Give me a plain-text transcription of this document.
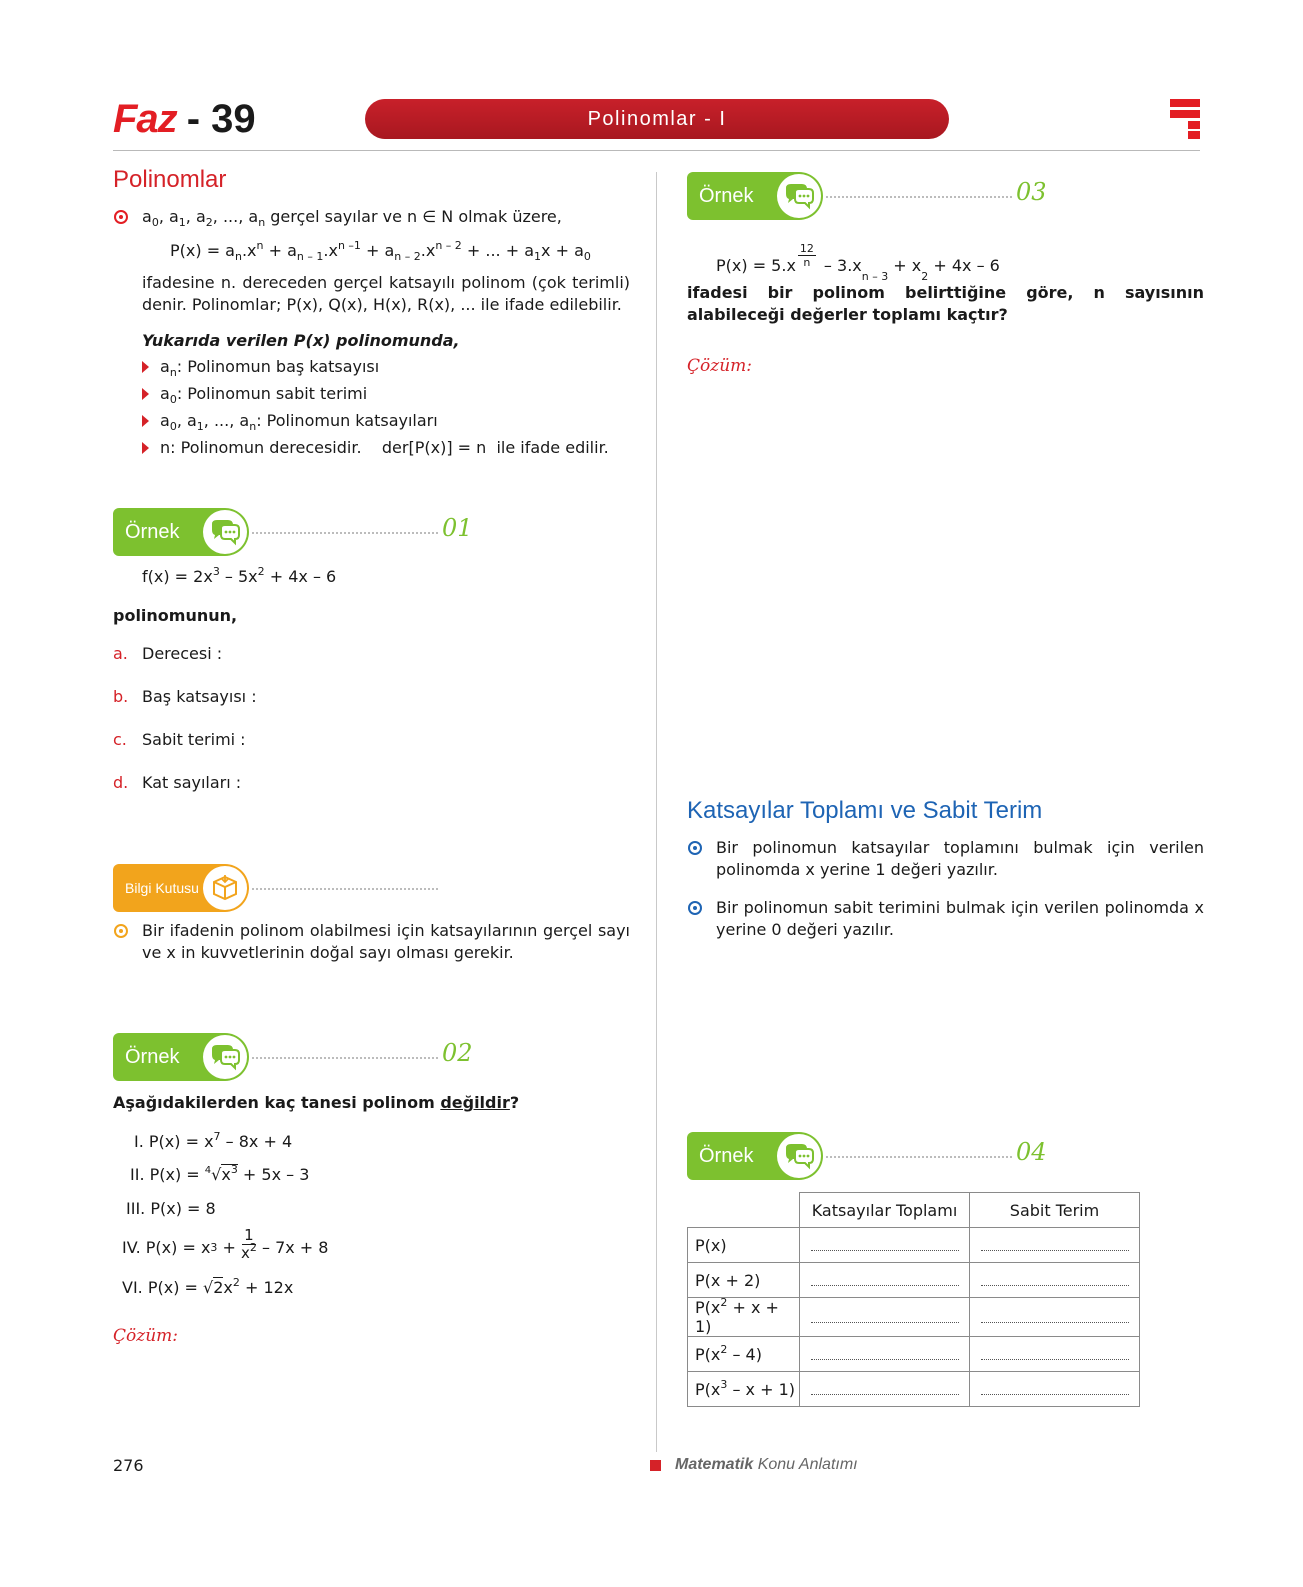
Faz - 39	Polinomlar - I
Polinomlar
$a_0$, $a_1$, $a_2$, ..., $a_n$ gerçel sayılar ve n ∈ N olmak üzere,
$P(x) = a_n.x^n + a_{n - 1}.x^{n -1} + a_{n - 2}.x^{n - 2}$ + ... + $a_1x + a_0$
ifadesine n. dereceden gerçel katsayılı polinom (çok terimli) denir. Polinomlar; P(x), Q(x), H(x), R(x), ... ile ifade edilebilir.
Yukarıda verilen P(x) polinomunda,
$a_n$: Polinomun baş katsayısı
$a_0$: Polinomun sabit terimi
$a_0$, $a_1$, ..., $a_n$: Polinomun katsayıları
n: Polinomun derecesidir.    der[P(x)] = n  ile ifade edilir.
Örnek	01
$f(x) = 2x^3 - 5x^2 + 4x - 6$
polinomunun,
a. Derecesi :
b. Baş katsayısı :
c. Sabit terimi :
d. Kat sayıları :
Bilgi Kutusu
Bir ifadenin polinom olabilmesi için katsayılarının gerçel sayı ve x in kuvvetlerinin doğal sayı olması gerekir.
Örnek	02
Aşağıdakilerden kaç tanesi polinom değildir?
I. $P(x) = x^7 - 8x + 4$
II. $P(x) = ^4√x^3 + 5x - 3$
III. P(x) = 8
IV. P(x) = x $3 + \frac{1}{x^2} - 7x + 8$
VI. $P(x) = √2x^2 + 12x$
Çözüm:
Örnek	03
$P(x) = 5.x \frac{12}{n} - 3.x$
n – 3
+ x
2
+ 4x – 6
ifadesi bir polinom belirttiğine göre, n sayısının alabileceği değerler toplamı kaçtır?
Çözüm:
Katsayılar Toplamı ve Sabit Terim
Bir polinomun katsayılar toplamını bulmak için verilen polinomda x yerine 1 değeri yazılır.
Bir polinomun sabit terimini bulmak için verilen polinomda x yerine 0 değeri yazılır.
Örnek	04
	Katsayılar Toplamı	Sabit Terim
P(x)		
P(x + 2)		
$P(x^2 + x + 1)$		
$P(x^2 - 4)$		
$P(x^3 - x + 1)$		
276	Matematik
Konu Anlatımı
